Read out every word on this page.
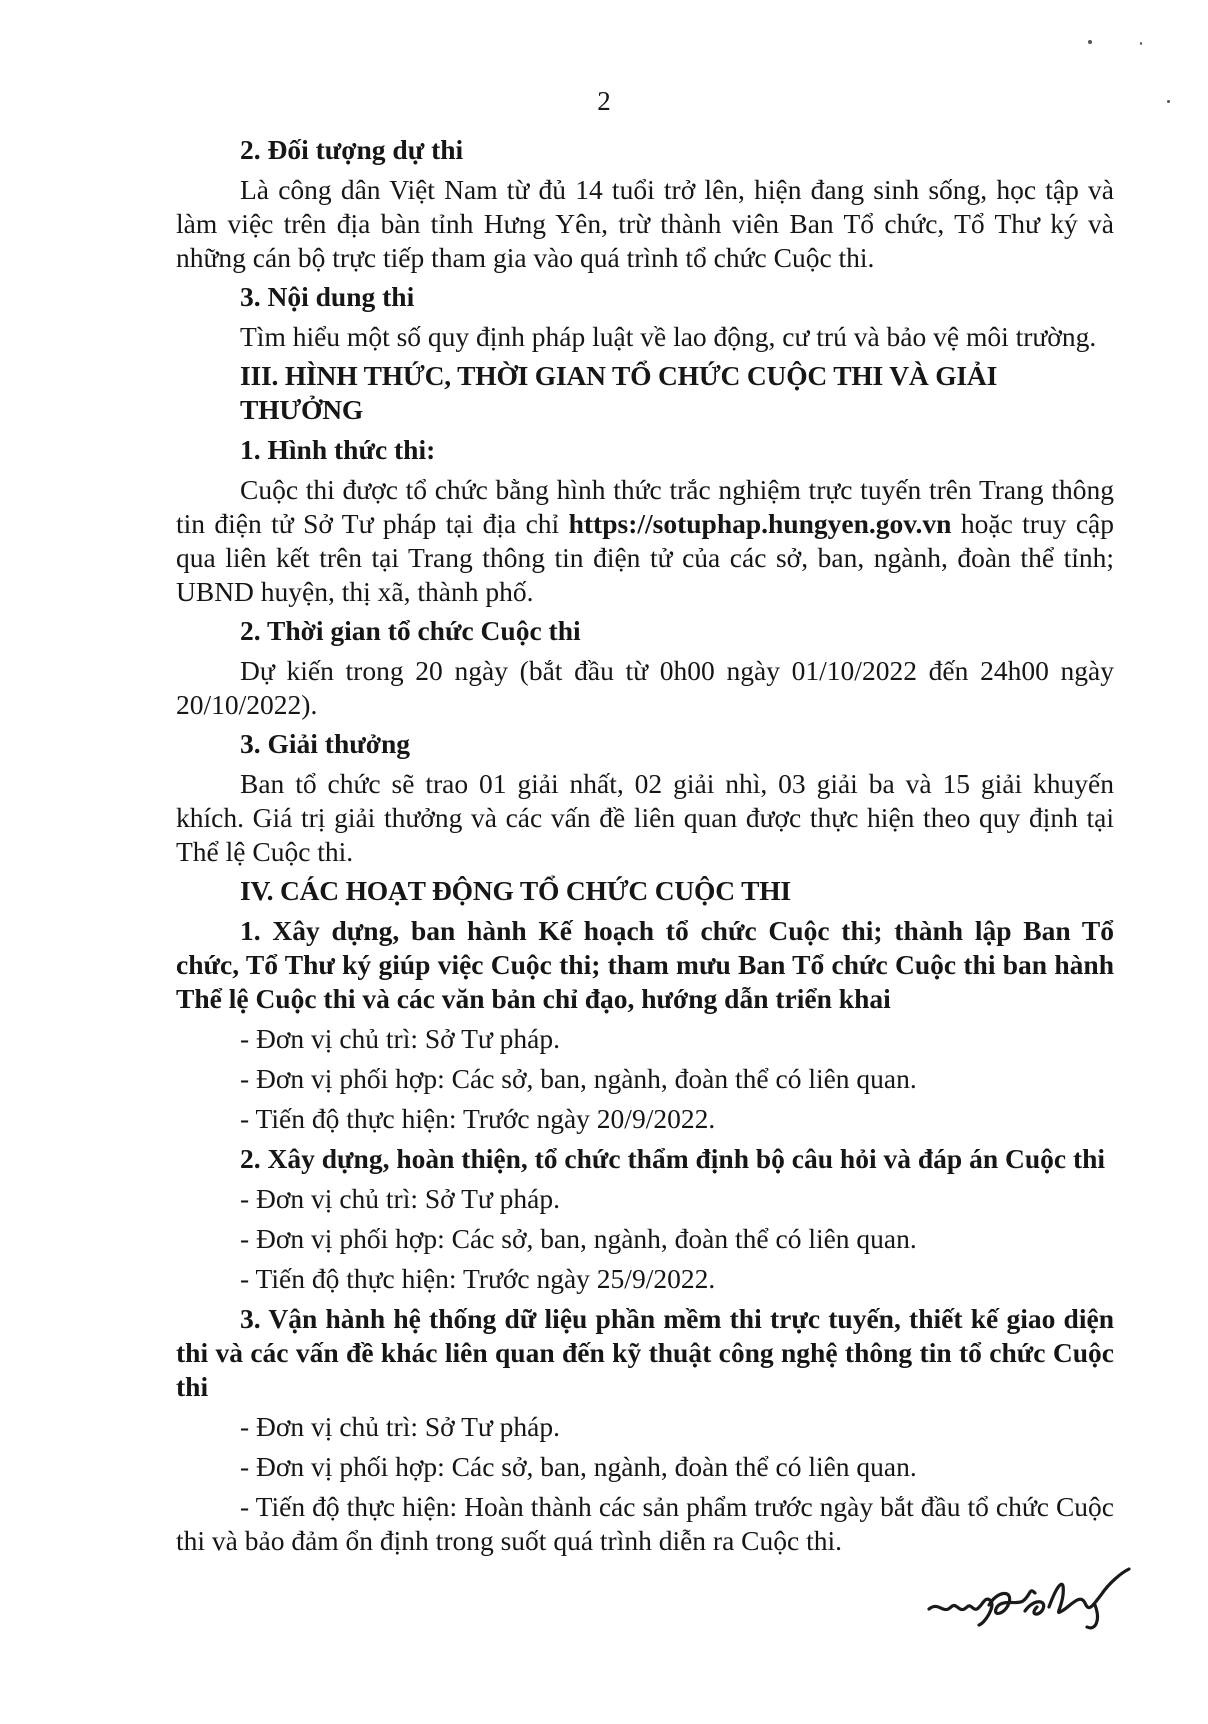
2
2. Đối tượng dự thi

Là công dân Việt Nam từ đủ 14 tuổi trở lên, hiện đang sinh sống, học tập và làm việc trên địa bàn tỉnh Hưng Yên, trừ thành viên Ban Tổ chức, Tổ Thư ký và những cán bộ trực tiếp tham gia vào quá trình tổ chức Cuộc thi.

3. Nội dung thi

Tìm hiểu một số quy định pháp luật về lao động, cư trú và bảo vệ môi trường.

III. HÌNH THỨC, THỜI GIAN TỔ CHỨC CUỘC THI VÀ GIẢI THƯỞNG
1. Hình thức thi:

Cuộc thi được tổ chức bằng hình thức trắc nghiệm trực tuyến trên Trang thông tin điện tử Sở Tư pháp tại địa chỉ https://sotuphap.hungyen.gov.vn hoặc truy cập qua liên kết trên tại Trang thông tin điện tử của các sở, ban, ngành, đoàn thể tỉnh; UBND huyện, thị xã, thành phố.

2. Thời gian tổ chức Cuộc thi

Dự kiến trong 20 ngày (bắt đầu từ 0h00 ngày 01/10/2022 đến 24h00 ngày 20/10/2022).

3. Giải thưởng

Ban tổ chức sẽ trao 01 giải nhất, 02 giải nhì, 03 giải ba và 15 giải khuyến khích. Giá trị giải thưởng và các vấn đề liên quan được thực hiện theo quy định tại Thể lệ Cuộc thi.

IV. CÁC HOẠT ĐỘNG TỔ CHỨC CUỘC THI
1. Xây dựng, ban hành Kế hoạch tổ chức Cuộc thi; thành lập Ban Tổ chức, Tổ Thư ký giúp việc Cuộc thi; tham mưu Ban Tổ chức Cuộc thi ban hành Thể lệ Cuộc thi và các văn bản chỉ đạo, hướng dẫn triển khai
- Đơn vị chủ trì: Sở Tư pháp.
- Đơn vị phối hợp: Các sở, ban, ngành, đoàn thể có liên quan.
- Tiến độ thực hiện: Trước ngày 20/9/2022.
2. Xây dựng, hoàn thiện, tổ chức thẩm định bộ câu hỏi và đáp án Cuộc thi
- Đơn vị chủ trì: Sở Tư pháp.
- Đơn vị phối hợp: Các sở, ban, ngành, đoàn thể có liên quan.
- Tiến độ thực hiện: Trước ngày 25/9/2022.
3. Vận hành hệ thống dữ liệu phần mềm thi trực tuyến, thiết kế giao diện thi và các vấn đề khác liên quan đến kỹ thuật công nghệ thông tin tổ chức Cuộc thi
- Đơn vị chủ trì: Sở Tư pháp.
- Đơn vị phối hợp: Các sở, ban, ngành, đoàn thể có liên quan.

- Tiến độ thực hiện: Hoàn thành các sản phẩm trước ngày bắt đầu tổ chức Cuộc thi và bảo đảm ổn định trong suốt quá trình diễn ra Cuộc thi.
